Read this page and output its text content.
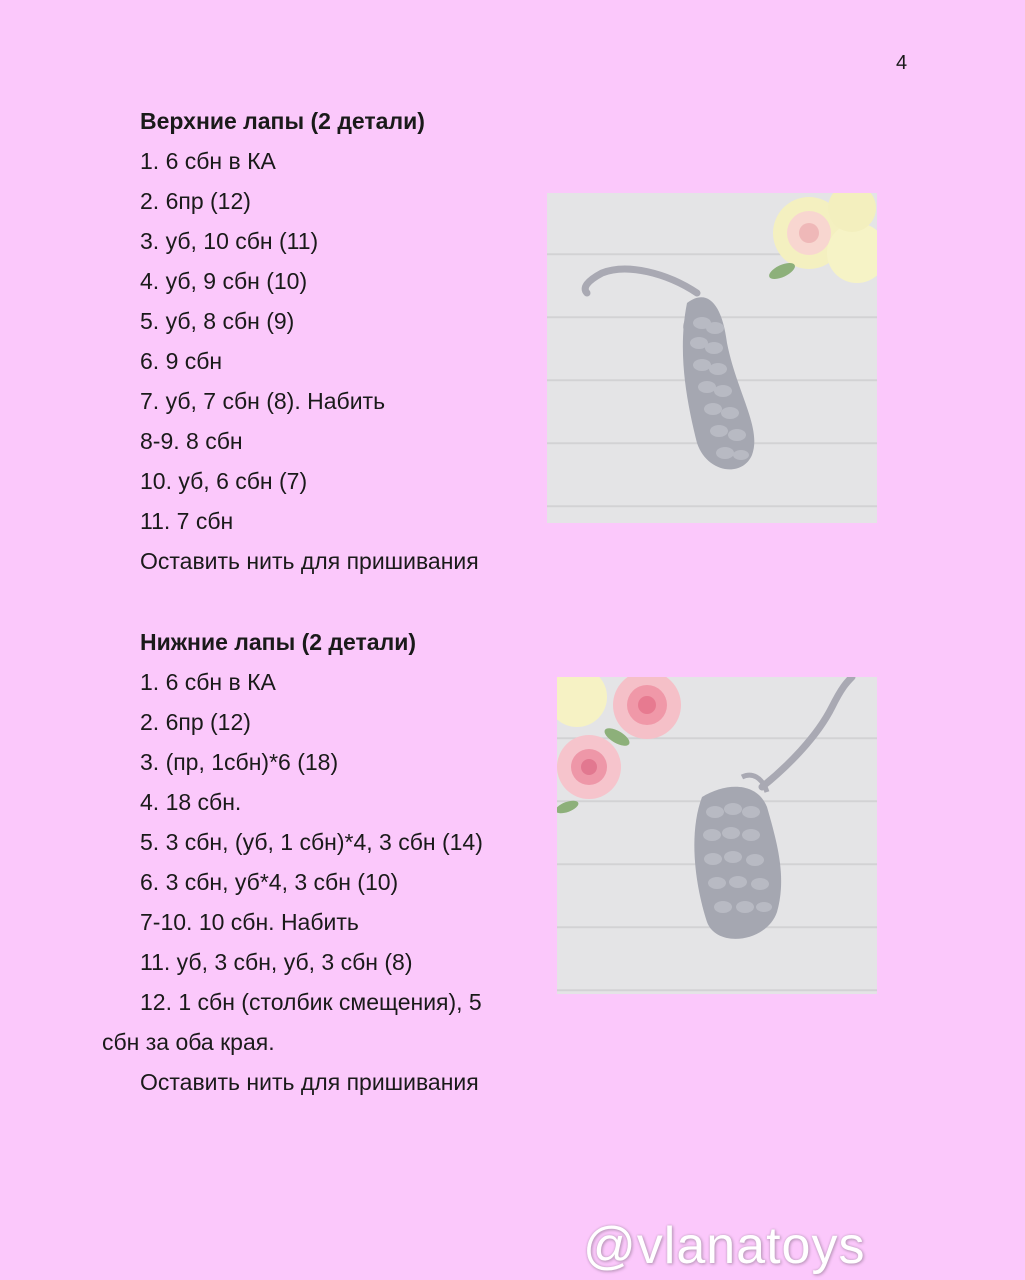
4
Верхние лапы (2 детали)
1. 6 сбн в КА
2. 6пр (12)
3. уб, 10 сбн (11)
4. уб, 9 сбн (10)
5. уб, 8 сбн (9)
6. 9 сбн
7. уб, 7 сбн (8). Набить
8-9. 8 сбн
10. уб, 6 сбн (7)
11. 7 сбн
Оставить нить для пришивания
Нижние лапы (2 детали)
1. 6 сбн в КА
2. 6пр (12)
3. (пр, 1сбн)*6 (18)
4. 18 сбн.
5. 3 сбн, (уб, 1 сбн)*4, 3 сбн (14)
6. 3 сбн, уб*4, 3 сбн (10)
7-10. 10 сбн. Набить
11. уб, 3 сбн, уб, 3 сбн (8)
12. 1 сбн (столбик смещения), 5
сбн за оба края.
Оставить нить для пришивания
@vlanatoys
